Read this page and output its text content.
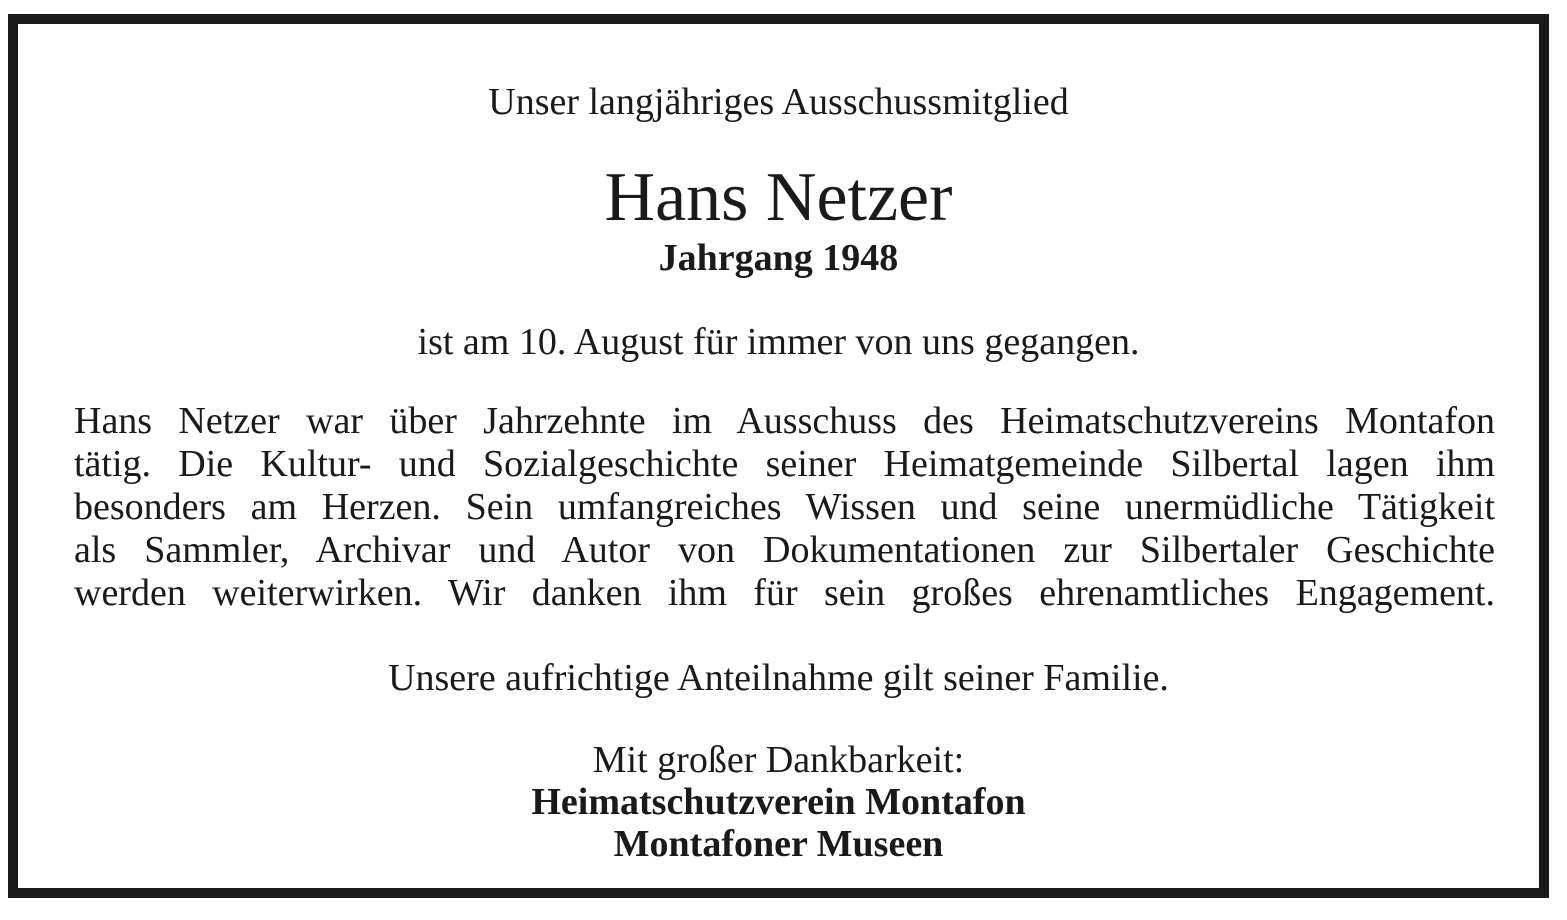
Unser langjähriges Ausschussmitglied
Hans Netzer
Jahrgang 1948
ist am 10. August für immer von uns gegangen.
Hans Netzer war über Jahrzehnte im Ausschuss des Heimatschutzvereins Montafon
tätig. Die Kultur- und Sozialgeschichte seiner Heimatgemeinde Silbertal lagen ihm
besonders am Herzen. Sein umfangreiches Wissen und seine unermüdliche Tätigkeit
als Sammler, Archivar und Autor von Dokumentationen zur Silbertaler Geschichte
werden weiterwirken. Wir danken ihm für sein großes ehrenamtliches Engagement.
Unsere aufrichtige Anteilnahme gilt seiner Familie.
Mit großer Dankbarkeit:
Heimatschutzverein Montafon
Montafoner Museen
